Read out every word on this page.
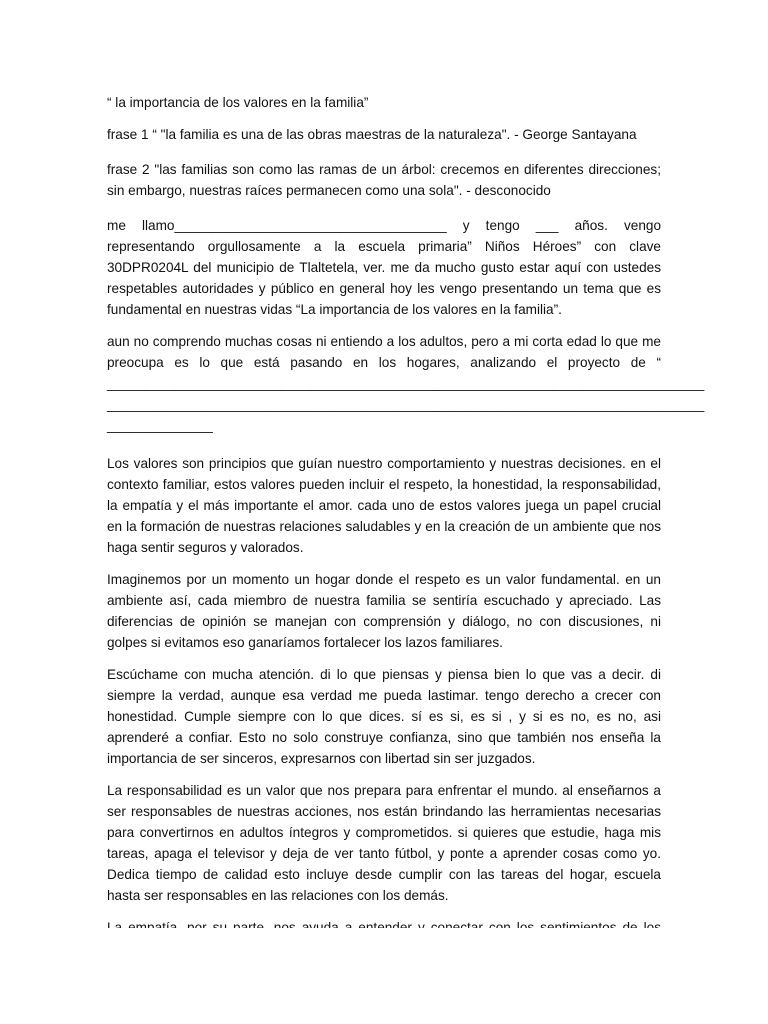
“ la importancia de los valores en la familia”

frase 1 “ "la familia es una de las obras maestras de la naturaleza". - George Santayana

frase 2 "las familias son como las ramas de un árbol: crecemos en diferentes direcciones; sin embargo, nuestras raíces permanecen como una sola". - desconocido

me llamo____________________________________ y tengo ___ años. vengo representando orgullosamente a la escuela primaria” Niños Héroes” con clave 30DPR0204L del municipio de Tlaltetela, ver. me da mucho gusto estar aquí con ustedes respetables autoridades y público en general hoy les vengo presentando un tema que es fundamental en nuestras vidas “La importancia de los valores en la familia”.

aun no comprendo muchas cosas ni entiendo a los adultos, pero a mi corta edad lo que me preocupa es lo que está pasando en los hogares, analizando el proyecto de “ _______________________________________________________________________________ _______________________________________________________________________________ ______________

Los valores son principios que guían nuestro comportamiento y nuestras decisiones. en el contexto familiar, estos valores pueden incluir el respeto, la honestidad, la responsabilidad, la empatía y el más importante el amor. cada uno de estos valores juega un papel crucial en la formación de nuestras relaciones saludables y en la creación de un ambiente que nos haga sentir seguros y valorados.

Imaginemos por un momento un hogar donde el respeto es un valor fundamental. en un ambiente así, cada miembro de nuestra familia se sentiría escuchado y apreciado. Las diferencias de opinión se manejan con comprensión y diálogo, no con discusiones, ni golpes si evitamos eso ganaríamos fortalecer los lazos familiares.

Escúchame con mucha atención. di lo que piensas y piensa bien lo que vas a decir. di siempre la verdad, aunque esa verdad me pueda lastimar. tengo derecho a crecer con honestidad. Cumple siempre con lo que dices. sí es si, es si , y si es no, es no, asi aprenderé a confiar. Esto no solo construye confianza, sino que también nos enseña la importancia de ser sinceros, expresarnos con libertad sin ser juzgados.

La responsabilidad es un valor que nos prepara para enfrentar el mundo. al enseñarnos a ser responsables de nuestras acciones, nos están brindando las herramientas necesarias para convertirnos en adultos íntegros y comprometidos. si quieres que estudie, haga mis tareas, apaga el televisor y deja de ver tanto fútbol, y ponte a aprender cosas como yo. Dedica tiempo de calidad esto incluye desde cumplir con las tareas del hogar, escuela hasta ser responsables en las relaciones con los demás.
